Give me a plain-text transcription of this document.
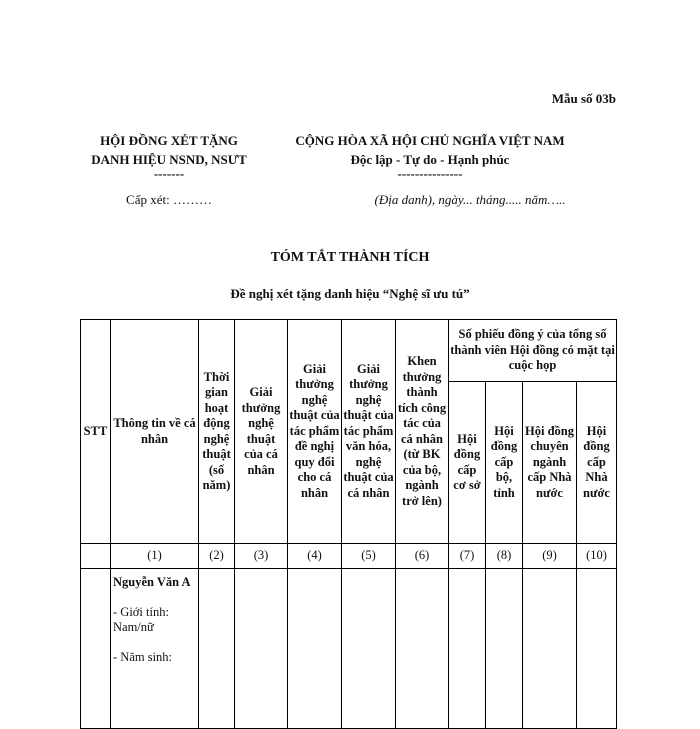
Mẫu số 03b
HỘI ĐỒNG XÉT TẶNG
DANH HIỆU NSND, NSƯT
-------
Cấp xét: ………
CỘNG HÒA XÃ HỘI CHỦ NGHĨA VIỆT NAM
Độc lập - Tự do - Hạnh phúc
---------------
(Địa danh), ngày... tháng..... năm…..
TÓM TẮT THÀNH TÍCH
Đề nghị xét tặng danh hiệu “Nghệ sĩ ưu tú”
STT	Thông tin về cá nhân	Thời gian hoạt động nghệ thuật (số năm)	Giải thưởng nghệ thuật của cá nhân	Giải thưởng nghệ thuật của tác phẩm đề nghị quy đổi cho cá nhân	Giải thưởng nghệ thuật của tác phẩm văn hóa, nghệ thuật của cá nhân	Khen thưởng thành tích công tác của cá nhân (từ BK của bộ, ngành trở lên)	Số phiếu đồng ý của tổng số thành viên Hội đồng có mặt tại cuộc họp			
							Hội đồng cấp cơ sở	Hội đồng cấp bộ, tỉnh	Hội đồng chuyên ngành cấp Nhà nước	Hội đồng cấp Nhà nước
	(1)	(2)	(3)	(4)	(5)	(6)	(7)	(8)	(9)	(10)
	Nguyễn Văn A
- Giới tính: Nam/nữ
- Năm sinh:									
